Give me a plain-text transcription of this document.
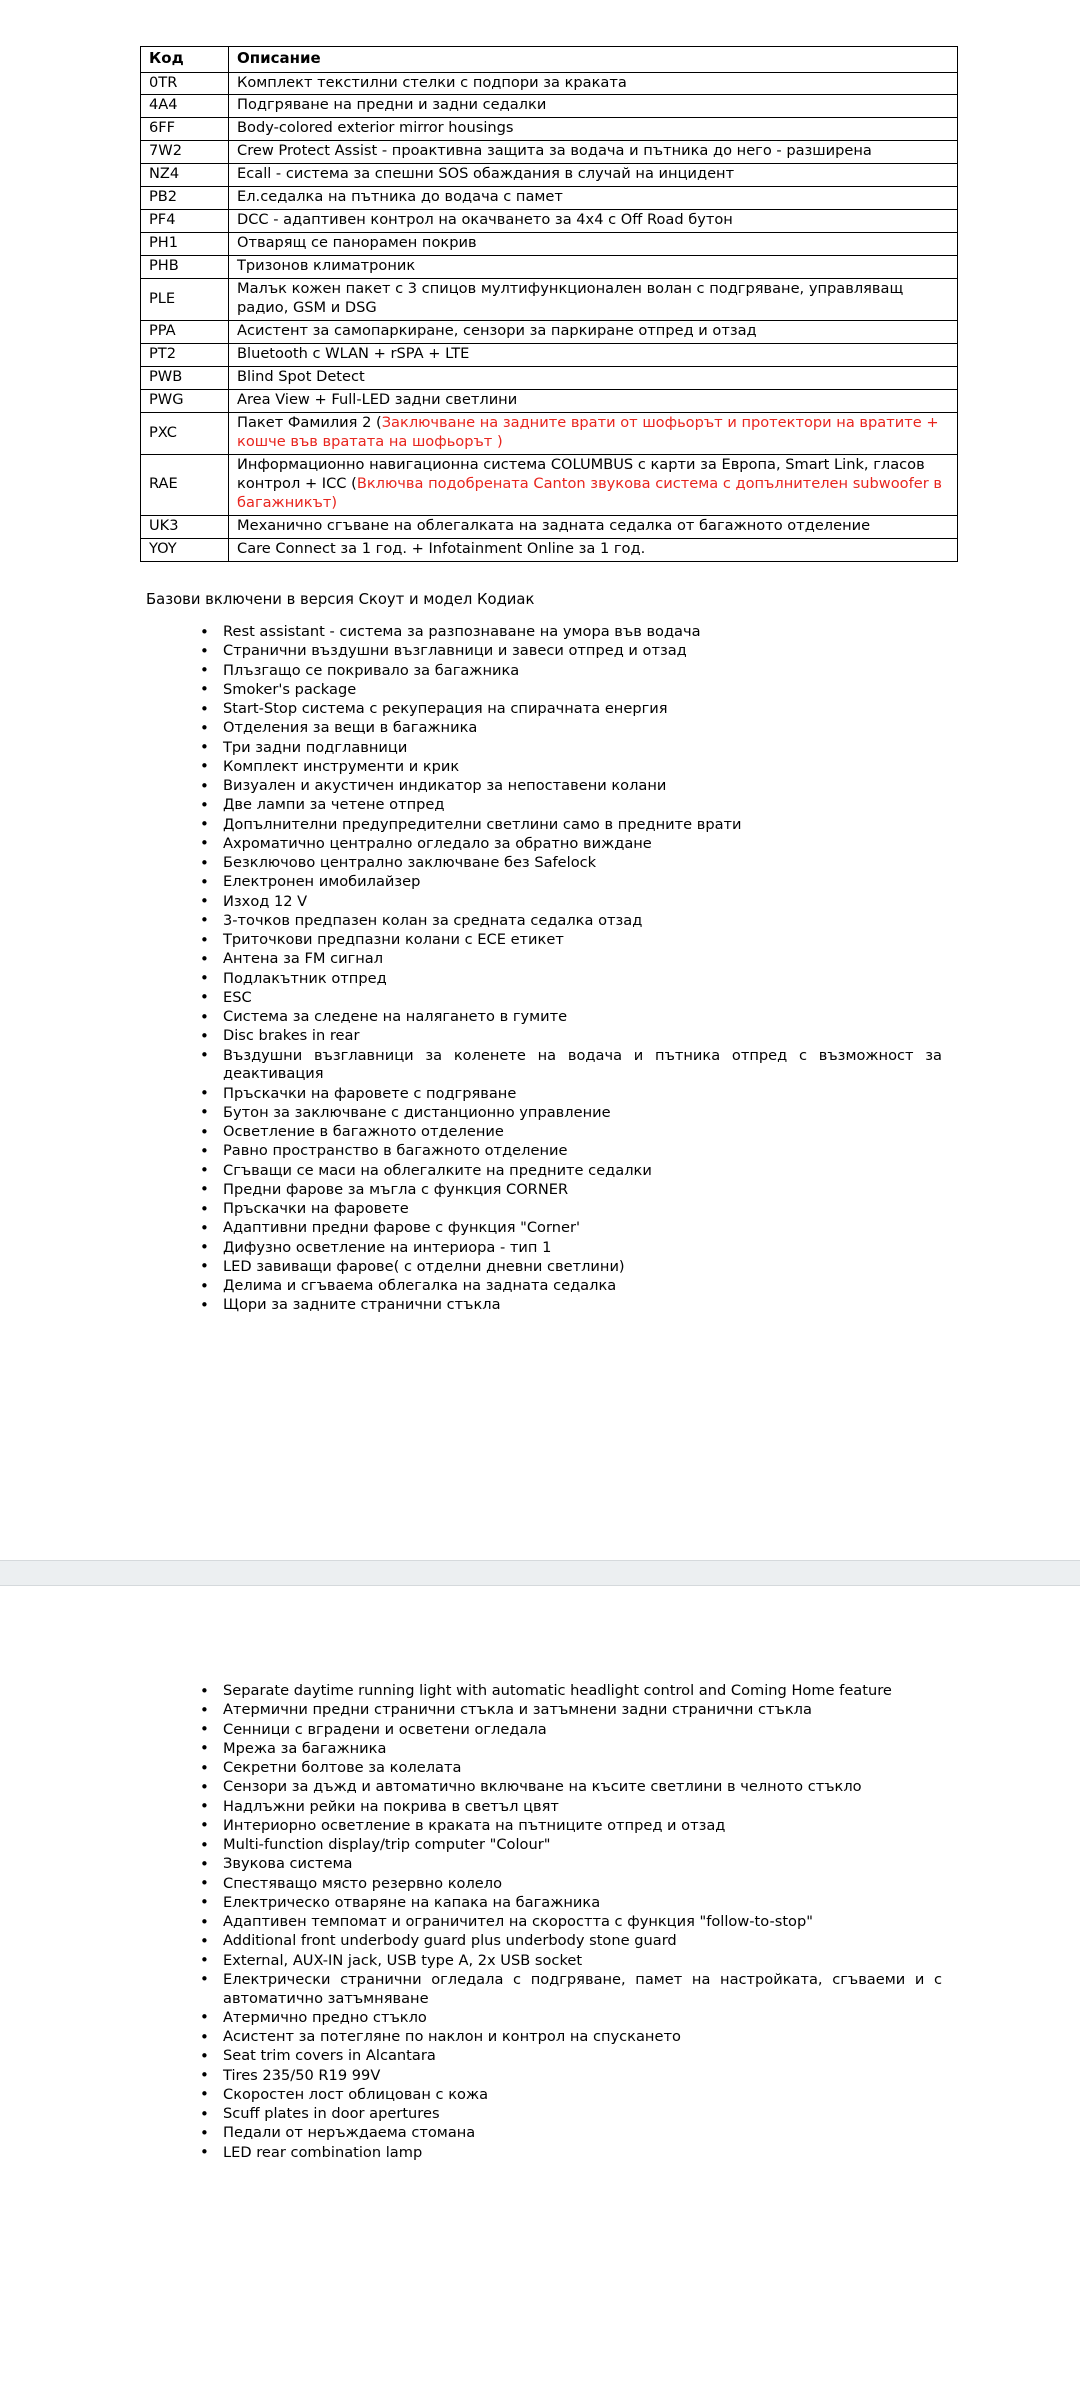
Код	Описание
0TR	Комплект текстилни стелки с подпори за краката
4A4	Подгряване на предни и задни седалки
6FF	Body-colored exterior mirror housings
7W2	Crew Protect Assist - проактивна защита за водача и пътника до него - разширена
NZ4	Ecall - система за спешни SOS обаждания в случай на инцидент
PB2	Ел.седалка на пътника до водача с памет
PF4	DCC - адаптивен контрол на окачването за 4x4 с Off Road бутон
PH1	Отварящ се панорамен покрив
PHB	Тризонов климатроник
PLE	Малък кожен пакет с 3 спицов мултифункционален волан с подгряване, управляващ радио, GSM и DSG
PPA	Асистент за самопаркиране, сензори за паркиране отпред и отзад
PT2	Bluetooth с WLAN + rSPA + LTE
PWB	Blind Spot Detect
PWG	Area View + Full-LED задни светлини
PXC	Пакет Фамилия 2 (Заключване на задните врати от шофьорът и протектори на вратите + кошче във вратата на шофьорът )
RAE	Информационно навигационна система COLUMBUS с карти за Европа, Smart Link, гласов контрол + ICC (Включва подобрената Canton звукова система с допълнителен subwoofer в багажникът)
UK3	Механично сгъване на облегалката на задната седалка от багажното отделение
YOY	Care Connect за 1 год. + Infotainment Online за 1 год.

Базови включени в версия Скоут и модел Кодиак

• Rest assistant - система за разпознаване на умора във водача
• Странични въздушни възглавници и завеси отпред и отзад
• Плъзгащо се покривало за багажника
• Smoker's package
• Start-Stop система с рекуперация на спирачната енергия
• Отделения за вещи в багажника
• Три задни подглавници
• Комплект инструменти и крик
• Визуален и акустичен индикатор за непоставени колани
• Две лампи за четене отпред
• Допълнителни предупредителни светлини само в предните врати
• Ахроматично централно огледало за обратно виждане
• Безключово централно заключване без Safelock
• Електронен имобилайзер
• Изход 12 V
• 3-точков предпазен колан за средната седалка отзад
• Триточкови предпазни колани с ECE етикет
• Антена за FM сигнал
• Подлакътник отпред
• ESC
• Система за следене на налягането в гумите
• Disc brakes in rear
• Въздушни възглавници за коленете на водача и пътника отпред с възможност за деактивация
• Пръскачки на фаровете с подгряване
• Бутон за заключване с дистанционно управление
• Осветление в багажното отделение
• Равно пространство в багажното отделение
• Сгъващи се маси на облегалките на предните седалки
• Предни фарове за мъгла с функция CORNER
• Пръскачки на фаровете
• Адаптивни предни фарове с функция "Corner'
• Дифузно осветление на интериора - тип 1
• LED завиващи фарове( с отделни дневни светлини)
• Делима и сгъваема облегалка на задната седалка
• Щори за задните странични стъкла
• Separate daytime running light with automatic headlight control and Coming Home feature
• Атермични предни странични стъкла и затъмнени задни странични стъкла
• Сенници с вградени и осветени огледала
• Мрежа за багажника
• Секретни болтове за колелата
• Сензори за дъжд и автоматично включване на късите светлини в челното стъкло
• Надлъжни рейки на покрива в светъл цвят
• Интериорно осветление в краката на пътниците отпред и отзад
• Multi-function display/trip computer "Colour"
• Звукова система
• Спестяващо място резервно колело
• Електрическо отваряне на капака на багажника
• Адаптивен темпомат и ограничител на скоростта с функция "follow-to-stop"
• Additional front underbody guard plus underbody stone guard
• External, AUX-IN jack, USB type A, 2x USB socket
• Електрически странични огледала с подгряване, памет на настройката, сгъваеми и с автоматично затъмняване
• Атермично предно стъкло
• Асистент за потегляне по наклон и контрол на спускането
• Seat trim covers in Alcantara
• Tires 235/50 R19 99V
• Скоростен лост облицован с кожа
• Scuff plates in door apertures
• Педали от неръждаема стомана
• LED rear combination lamp
